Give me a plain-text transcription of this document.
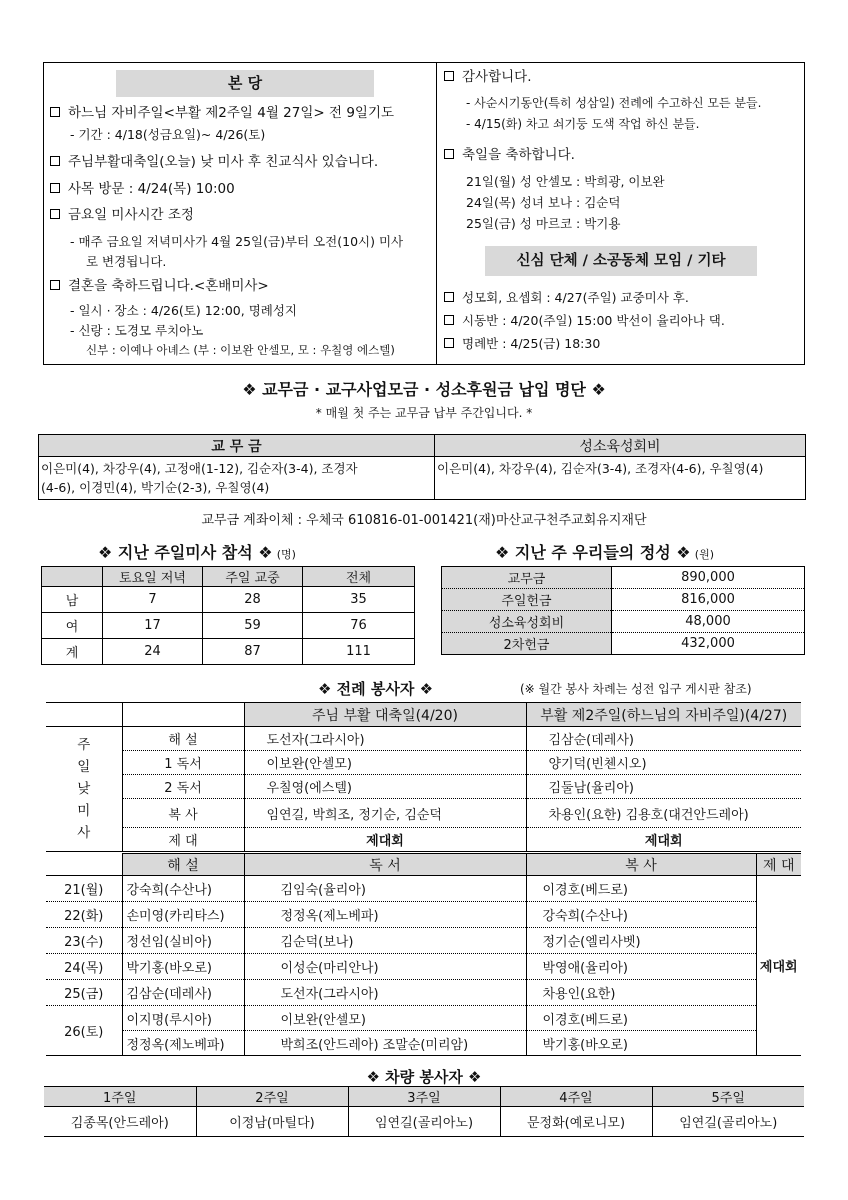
본 당
하느님 자비주일<부활 제2주일 4월 27일> 전 9일기도
- 기간 : 4/18(성금요일)~ 4/26(토)
주님부활대축일(오늘) 낮 미사 후 친교식사 있습니다.
사목 방문 : 4/24(목) 10:00
금요일 미사시간 조정
- 매주 금요일 저녁미사가 4월 25일(금)부터 오전(10시) 미사
로 변경됩니다.
결혼을 축하드립니다.<혼배미사>
- 일시 · 장소 : 4/26(토) 12:00, 명례성지
- 신랑 : 도경모 루치아노
신부 : 이예나 아녜스 (부 : 이보완 안셀모, 모 : 우칠영 에스텔)
감사합니다.
- 사순시기동안(특히 성삼일) 전례에 수고하신 모든 분들.
- 4/15(화) 차고 쇠기둥 도색 작업 하신 분들.
축일을 축하합니다.
21일(월) 성 안셀모 : 박희광, 이보완
24일(목) 성녀 보나 : 김순덕
25일(금) 성 마르코 : 박기용
신심 단체 / 소공동체 모임 / 기타
성모회, 요셉회 : 4/27(주일) 교중미사 후.
시동반 : 4/20(주일) 15:00 박선이 율리아나 댁.
명례반 : 4/25(금) 18:30
❖ 교무금 · 교구사업모금 · 성소후원금 납입 명단 ❖
* 매월 첫 주는 교무금 납부 주간입니다. *
교 무 금	성소육성회비

이은미(4), 차강우(4), 고정애(1-12), 김순자(3-4), 조경자
(4-6), 이경민(4), 박기순(2-3), 우칠영(4)	이은미(4), 차강우(4), 김순자(3-4), 조경자(4-6), 우칠영(4)
교무금 계좌이체 : 우체국 610816-01-001421(재)마산교구천주교회유지재단
❖ 지난 주일미사 참석 ❖ (명)
	토요일 저녁	주일 교중	전체
남	7	28	35
여	17	59	76
계	24	87	111
❖ 지난 주 우리들의 정성 ❖ (원)
교무금	890,000
주일헌금	816,000
성소육성회비	48,000
2차헌금	432,000
❖ 전례 봉사자 ❖	(※ 월간 봉사 차례는 성전 입구 게시판 참조)
		주님 부활 대축일(4/20)	부활 제2주일(하느님의 자비주일)(4/27)

주일낮미사	해 설	도선자(그라시아)	김삼순(데레사)
	1 독서	이보완(안셀모)	양기덕(빈첸시오)
	2 독서	우칠영(에스텔)	김둘남(율리아)
	복 사	임연길, 박희조, 정기순, 김순덕	차용인(요한) 김용호(대건안드레아)
	제 대	제대회	제대회
	해 설	독 서	복 사	제 대
21(월)	강숙희(수산나)	김임숙(율리아)	이경호(베드로)	제대회
22(화)	손미영(카리타스)	정정옥(제노베파)	강숙희(수산나)	
23(수)	정선임(실비아)	김순덕(보나)	정기순(엘리사벳)	
24(목)	박기홍(바오로)	이성순(마리안나)	박영애(율리아)	
25(금)	김삼순(데레사)	도선자(그라시아)	차용인(요한)	
26(토)	이지명(루시아)	이보완(안셀모)	이경호(베드로)	
	정정옥(제노베파)	박희조(안드레아) 조말순(미리암)	박기홍(바오로)	
❖ 차량 봉사자 ❖
1주일	2주일	3주일	4주일	5주일
김종목(안드레아)	이정남(마틸다)	임연길(골리아노)	문정화(예로니모)	임연길(골리아노)
